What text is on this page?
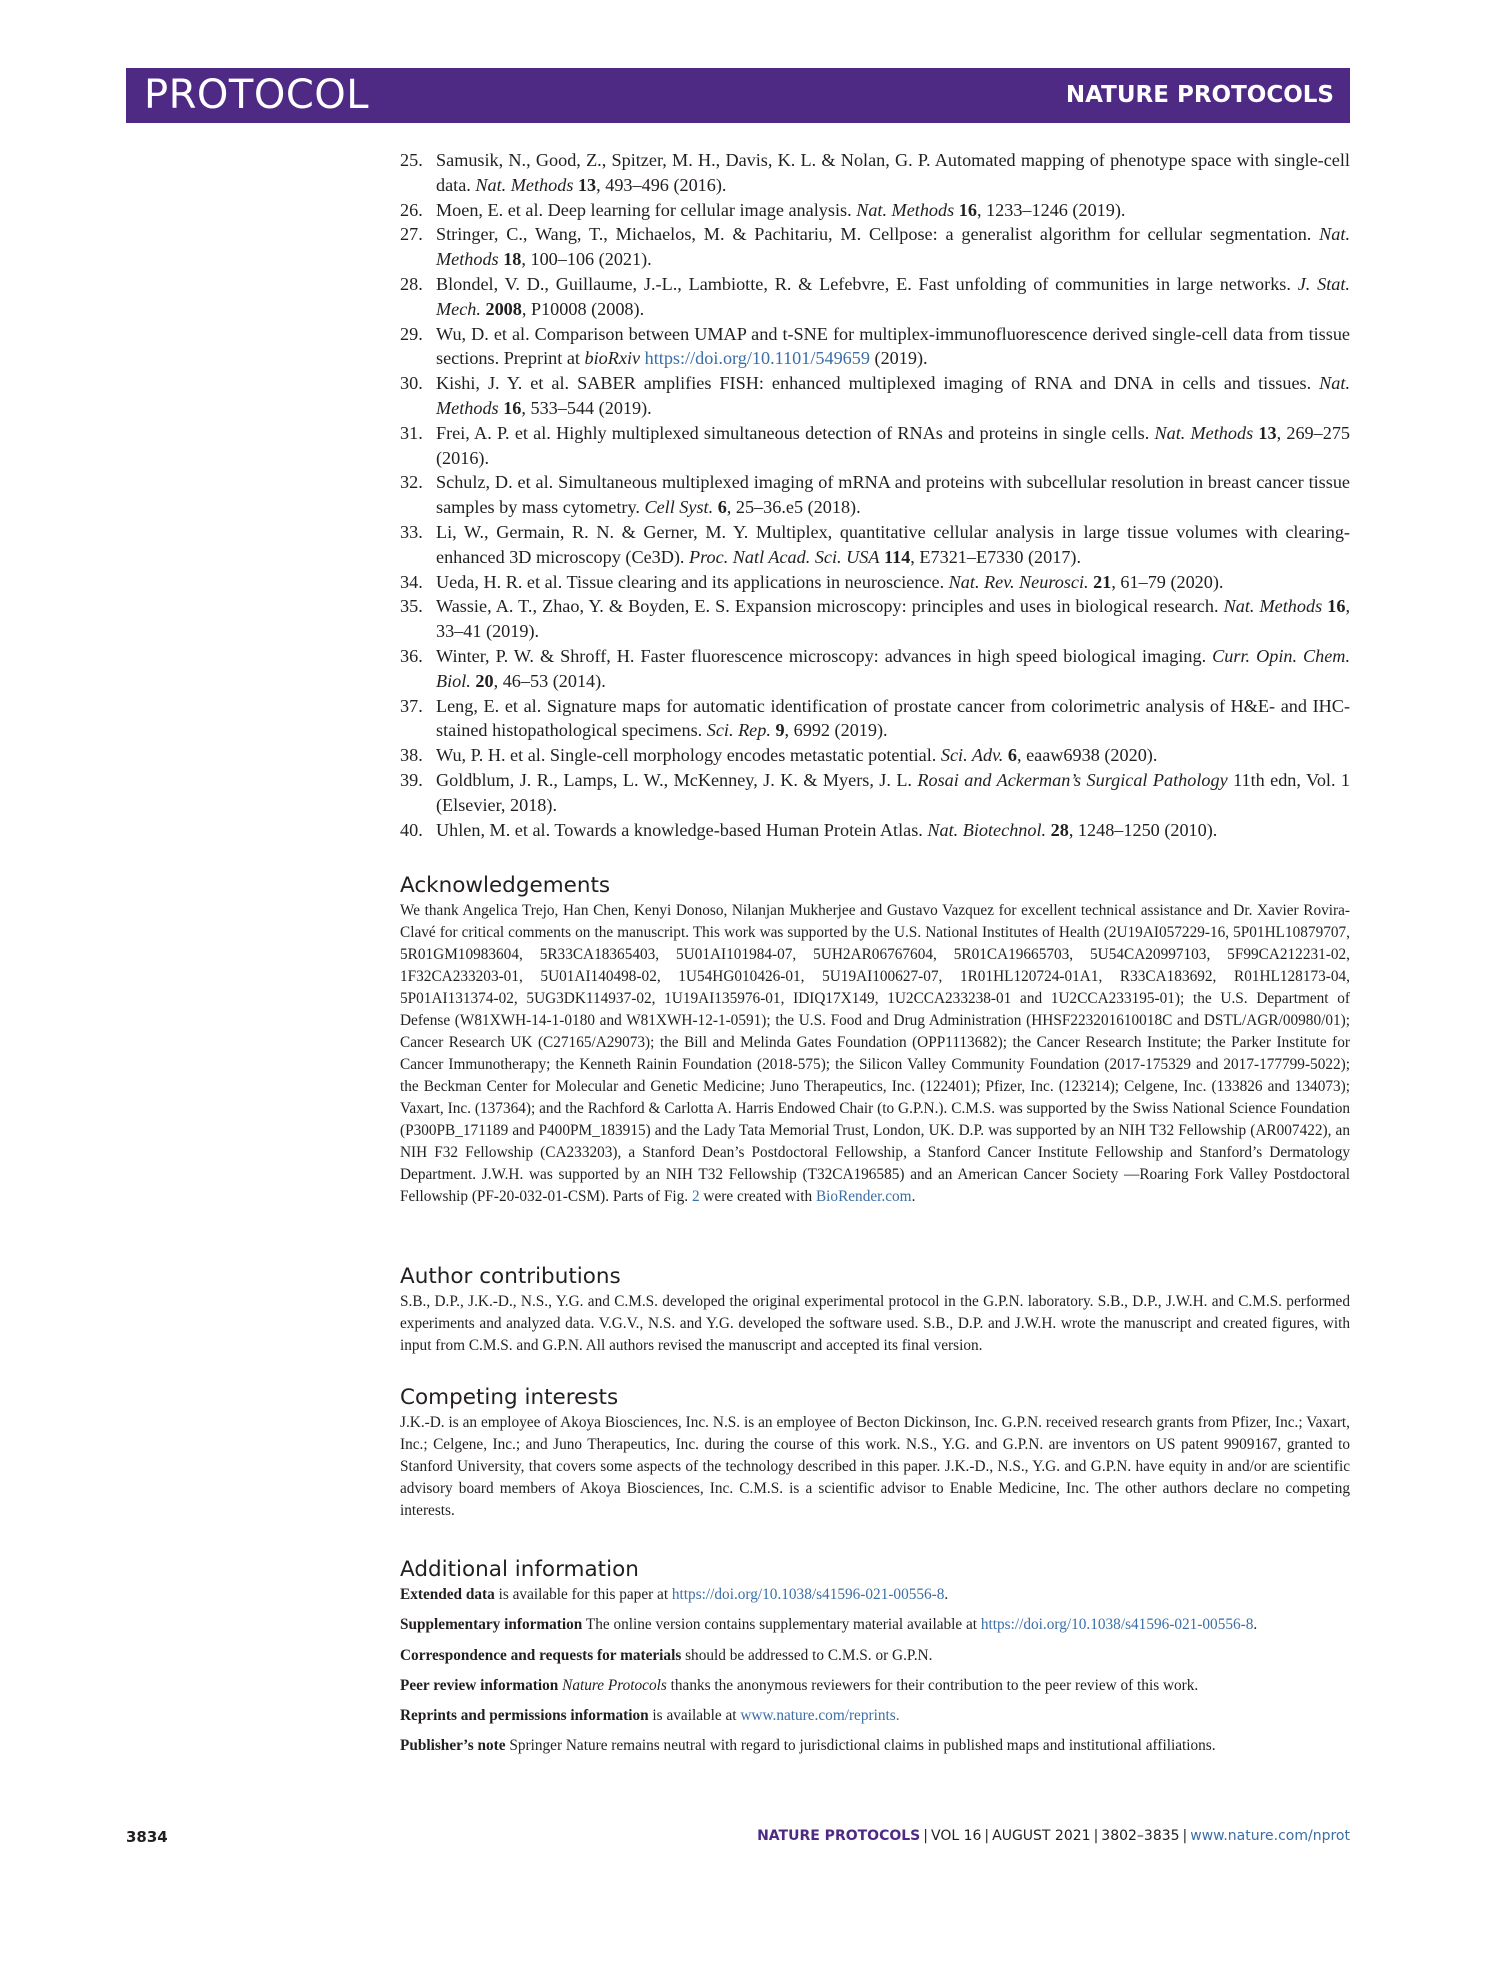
PROTOCOL	NATURE PROTOCOLS
25. Samusik, N., Good, Z., Spitzer, M. H., Davis, K. L. & Nolan, G. P. Automated mapping of phenotype space with single-cell data. Nat. Methods 13, 493–496 (2016).
26. Moen, E. et al. Deep learning for cellular image analysis. Nat. Methods 16, 1233–1246 (2019).
27. Stringer, C., Wang, T., Michaelos, M. & Pachitariu, M. Cellpose: a generalist algorithm for cellular segmentation. Nat. Methods 18, 100–106 (2021).
28. Blondel, V. D., Guillaume, J.-L., Lambiotte, R. & Lefebvre, E. Fast unfolding of communities in large networks. J. Stat. Mech. 2008, P10008 (2008).
29. Wu, D. et al. Comparison between UMAP and t-SNE for multiplex-immunofluorescence derived single-cell data from tissue sections. Preprint at bioRxiv https://doi.org/10.1101/549659 (2019).
30. Kishi, J. Y. et al. SABER amplifies FISH: enhanced multiplexed imaging of RNA and DNA in cells and tissues. Nat. Methods 16, 533–544 (2019).
31. Frei, A. P. et al. Highly multiplexed simultaneous detection of RNAs and proteins in single cells. Nat. Methods 13, 269–275 (2016).
32. Schulz, D. et al. Simultaneous multiplexed imaging of mRNA and proteins with subcellular resolution in breast cancer tissue samples by mass cytometry. Cell Syst. 6, 25–36.e5 (2018).
33. Li, W., Germain, R. N. & Gerner, M. Y. Multiplex, quantitative cellular analysis in large tissue volumes with clearing-enhanced 3D microscopy (Ce3D). Proc. Natl Acad. Sci. USA 114, E7321–E7330 (2017).
34. Ueda, H. R. et al. Tissue clearing and its applications in neuroscience. Nat. Rev. Neurosci. 21, 61–79 (2020).
35. Wassie, A. T., Zhao, Y. & Boyden, E. S. Expansion microscopy: principles and uses in biological research. Nat. Methods 16, 33–41 (2019).
36. Winter, P. W. & Shroff, H. Faster fluorescence microscopy: advances in high speed biological imaging. Curr. Opin. Chem. Biol. 20, 46–53 (2014).
37. Leng, E. et al. Signature maps for automatic identification of prostate cancer from colorimetric analysis of H&E- and IHC-stained histopathological specimens. Sci. Rep. 9, 6992 (2019).
38. Wu, P. H. et al. Single-cell morphology encodes metastatic potential. Sci. Adv. 6, eaaw6938 (2020).
39. Goldblum, J. R., Lamps, L. W., McKenney, J. K. & Myers, J. L. Rosai and Ackerman’s Surgical Pathology 11th edn, Vol. 1 (Elsevier, 2018).
40. Uhlen, M. et al. Towards a knowledge-based Human Protein Atlas. Nat. Biotechnol. 28, 1248–1250 (2010).
Acknowledgements

We thank Angelica Trejo, Han Chen, Kenyi Donoso, Nilanjan Mukherjee and Gustavo Vazquez for excellent technical assistance and Dr. Xavier Rovira-Clavé for critical comments on the manuscript. This work was supported by the U.S. National Institutes of Health (2U19AI057229-16, 5P01HL10879707, 5R01GM10983604, 5R33CA18365403, 5U01AI101984-07, 5UH2AR06767604, 5R01CA19665703, 5U54CA20997103, 5F99CA212231-02, 1F32CA233203-01, 5U01AI140498-02, 1U54HG010426-01, 5U19AI100627-07, 1R01HL120724-01A1, R33CA183692, R01HL128173-04, 5P01AI131374-02, 5UG3DK114937-02, 1U19AI135976-01, IDIQ17X149, 1U2CCA233238-01 and 1U2CCA233195-01); the U.S. Department of Defense (W81XWH-14-1-0180 and W81XWH-12-1-0591); the U.S. Food and Drug Administration (HHSF223201610018C and DSTL/AGR/00980/01); Cancer Research UK (C27165/A29073); the Bill and Melinda Gates Foundation (OPP1113682); the Cancer Research Institute; the Parker Institute for Cancer Immunotherapy; the Kenneth Rainin Foundation (2018-575); the Silicon Valley Community Foundation (2017-175329 and 2017-177799-5022); the Beckman Center for Molecular and Genetic Medicine; Juno Therapeutics, Inc. (122401); Pfizer, Inc. (123214); Celgene, Inc. (133826 and 134073); Vaxart, Inc. (137364); and the Rachford & Carlotta A. Harris Endowed Chair (to G.P.N.). C.M.S. was supported by the Swiss National Science Foundation (P300PB_171189 and P400PM_183915) and the Lady Tata Memorial Trust, London, UK. D.P. was supported by an NIH T32 Fellowship (AR007422), an NIH F32 Fellowship (CA233203), a Stanford Dean’s Postdoctoral Fellowship, a Stanford Cancer Institute Fellowship and Stanford’s Dermatology Department. J.W.H. was supported by an NIH T32 Fellowship (T32CA196585) and an American Cancer Society —Roaring Fork Valley Postdoctoral Fellowship (PF-20-032-01-CSM). Parts of Fig. 2 were created with BioRender.com.

Author contributions

S.B., D.P., J.K.-D., N.S., Y.G. and C.M.S. developed the original experimental protocol in the G.P.N. laboratory. S.B., D.P., J.W.H. and C.M.S. performed experiments and analyzed data. V.G.V., N.S. and Y.G. developed the software used. S.B., D.P. and J.W.H. wrote the manuscript and created figures, with input from C.M.S. and G.P.N. All authors revised the manuscript and accepted its final version.

Competing interests

J.K.-D. is an employee of Akoya Biosciences, Inc. N.S. is an employee of Becton Dickinson, Inc. G.P.N. received research grants from Pfizer, Inc.; Vaxart, Inc.; Celgene, Inc.; and Juno Therapeutics, Inc. during the course of this work. N.S., Y.G. and G.P.N. are inventors on US patent 9909167, granted to Stanford University, that covers some aspects of the technology described in this paper. J.K.-D., N.S., Y.G. and G.P.N. have equity in and/or are scientific advisory board members of Akoya Biosciences, Inc. C.M.S. is a scientific advisor to Enable Medicine, Inc. The other authors declare no competing interests.

Additional information

Extended data is available for this paper at https://doi.org/10.1038/s41596-021-00556-8.

Supplementary information The online version contains supplementary material available at https://doi.org/10.1038/s41596-021-00556-8.

Correspondence and requests for materials should be addressed to C.M.S. or G.P.N.

Peer review information Nature Protocols thanks the anonymous reviewers for their contribution to the peer review of this work.

Reprints and permissions information is available at www.nature.com/reprints.

Publisher’s note Springer Nature remains neutral with regard to jurisdictional claims in published maps and institutional affiliations.

3834	NATURE PROTOCOLS | VOL 16 | AUGUST 2021 | 3802–3835 | www.nature.com/nprot
